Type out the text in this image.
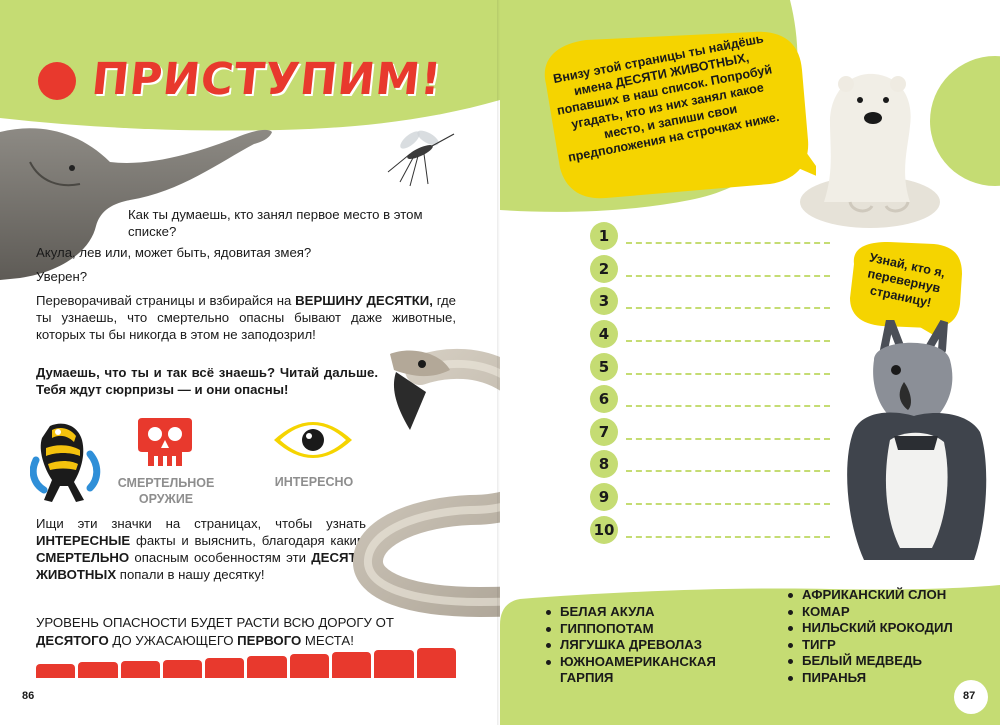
ПРИСТУПИМ!
Как ты думаешь, кто занял первое место в этом списке?
Акула, лев или, может быть, ядовитая змея?
Уверен?
Переворачивай страницы и взбирайся на ВЕРШИНУ ДЕСЯТКИ, где ты узнаешь, что смертельно опасны бывают даже животные, которых ты бы никогда в этом не заподозрил!
Думаешь, что ты и так всё знаешь? Читай дальше. Тебя ждут сюрпризы — и они опасны!
СМЕРТЕЛЬНОЕ ОРУЖИЕ
ИНТЕРЕСНО
Ищи эти значки на страницах, чтобы узнать ИНТЕРЕСНЫЕ факты и выяснить, благодаря каким СМЕРТЕЛЬНО опасным особенностям эти ДЕСЯТЬ ЖИВОТНЫХ попали в нашу десятку!
УРОВЕНЬ ОПАСНОСТИ БУДЕТ РАСТИ ВСЮ ДОРОГУ ОТ ДЕСЯТОГО ДО УЖАСАЮЩЕГО ПЕРВОГО МЕСТА!
86
Внизу этой страницы ты найдёшь имена ДЕСЯТИ ЖИВОТНЫХ, попавших в наш список. Попробуй угадать, кто из них занял какое место, и запиши свои предположения на строчках ниже.
1
2
3
4
5
6
7
8
9
10
Узнай, кто я, перевернув страницу!
БЕЛАЯ АКУЛА
ГИППОПОТАМ
ЛЯГУШКА ДРЕВОЛАЗ
ЮЖНОАМЕРИКАНСКАЯ ГАРПИЯ
АФРИКАНСКИЙ СЛОН
КОМАР
НИЛЬСКИЙ КРОКОДИЛ
ТИГР
БЕЛЫЙ МЕДВЕДЬ
ПИРАНЬЯ
87
